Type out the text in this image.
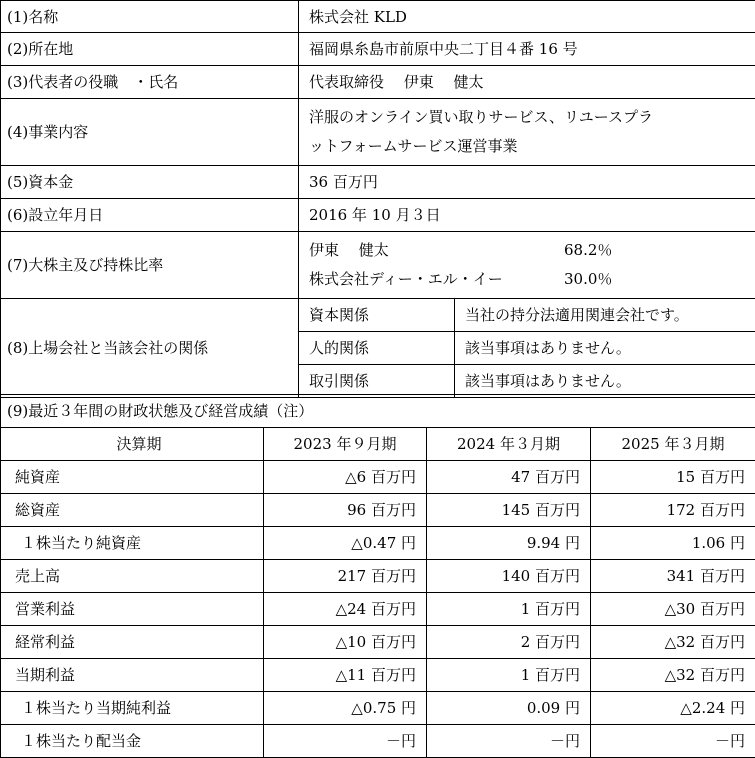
(1)名称	株式会社 KLD	
(2)所在地	福岡県糸島市前原中央二丁目４番 16 号	
(3)代表者の役職　・氏名	代表取締役　 伊東　 健太	
(4)事業内容	洋服のオンライン買い取りサービス、リユースプラ
ットフォームサービス運営事業	

(5)資本金	36 百万円	
(6)設立年月日	2016 年 10 月３日	
(7)大株主及び持株比率	伊東　 健太 68.2％
株式会社ディー・エル・イー 30.0％	

(8)上場会社と当該会社の関係	資本関係	当社の持分法適用関連会社です。
	人的関係	該当事項はありません。
	取引関係	該当事項はありません。
(9)最近３年間の財政状態及び経営成績（注）			
決算期	2023 年９月期	2024 年３月期	2025 年３月期
純資産	△6 百万円	47 百万円	15 百万円
総資産	96 百万円	145 百万円	172 百万円
１株当たり純資産	△0.47 円	9.94 円	1.06 円
売上高	217 百万円	140 百万円	341 百万円
営業利益	△24 百万円	1 百万円	△30 百万円
経常利益	△10 百万円	2 百万円	△32 百万円
当期利益	△11 百万円	1 百万円	△32 百万円
１株当たり当期純利益	△0.75 円	0.09 円	△2.24 円
１株当たり配当金	－円	－円	－円
